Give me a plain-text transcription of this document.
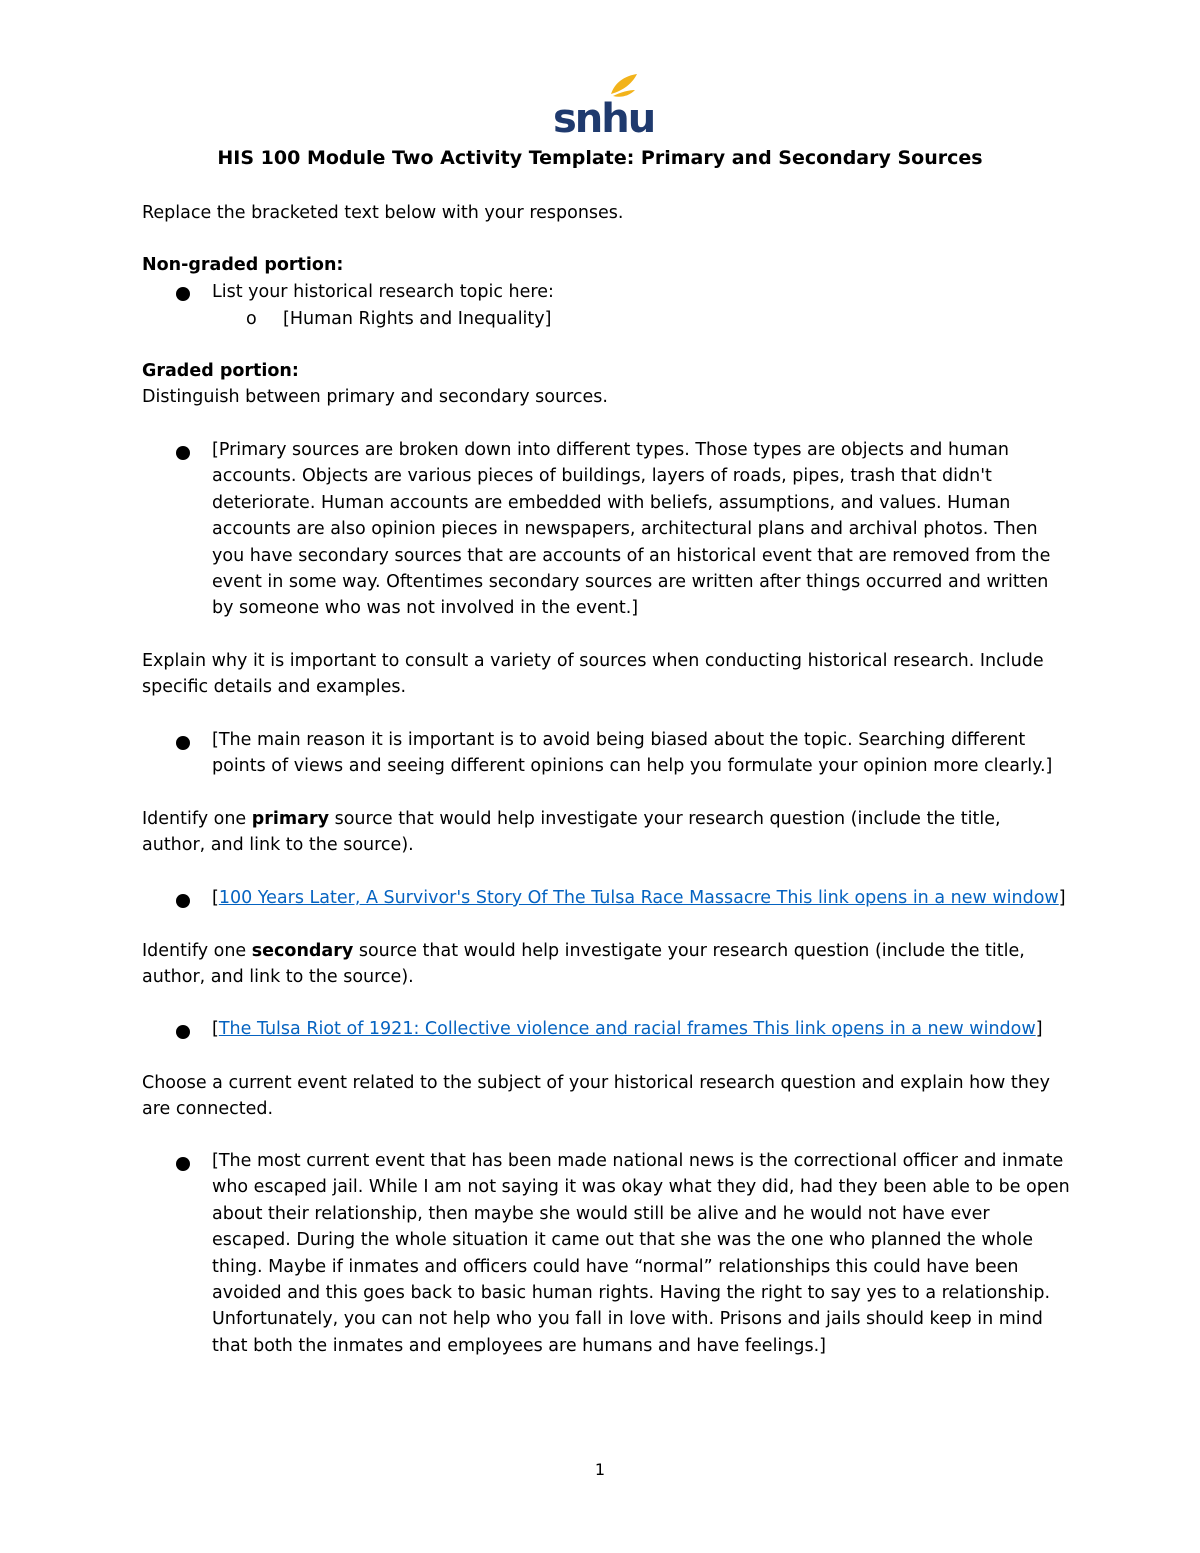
snhu
HIS 100 Module Two Activity Template: Primary and Secondary Sources

Replace the bracketed text below with your responses.

Non-graded portion:

List your historical research topic here:

o [Human Rights and Inequality]

Graded portion:

Distinguish between primary and secondary sources.

[Primary sources are broken down into different types. Those types are objects and human accounts. Objects are various pieces of buildings, layers of roads, pipes, trash that didn't deteriorate. Human accounts are embedded with beliefs, assumptions, and values. Human accounts are also opinion pieces in newspapers, architectural plans and archival photos. Then you have secondary sources that are accounts of an historical event that are removed from the event in some way. Oftentimes secondary sources are written after things occurred and written by someone who was not involved in the event.]

Explain why it is important to consult a variety of sources when conducting historical research. Include specific details and examples.

[The main reason it is important is to avoid being biased about the topic. Searching different points of views and seeing different opinions can help you formulate your opinion more clearly.]

Identify one primary source that would help investigate your research question (include the title, author, and link to the source).

[100 Years Later, A Survivor's Story Of The Tulsa Race Massacre This link opens in a new window]

Identify one secondary source that would help investigate your research question (include the title, author, and link to the source).

[The Tulsa Riot of 1921: Collective violence and racial frames This link opens in a new window]

Choose a current event related to the subject of your historical research question and explain how they are connected.

[The most current event that has been made national news is the correctional officer and inmate who escaped jail. While I am not saying it was okay what they did, had they been able to be open about their relationship, then maybe she would still be alive and he would not have ever escaped. During the whole situation it came out that she was the one who planned the whole thing. Maybe if inmates and officers could have “normal” relationships this could have been avoided and this goes back to basic human rights. Having the right to say yes to a relationship. Unfortunately, you can not help who you fall in love with. Prisons and jails should keep in mind that both the inmates and employees are humans and have feelings.]

1
